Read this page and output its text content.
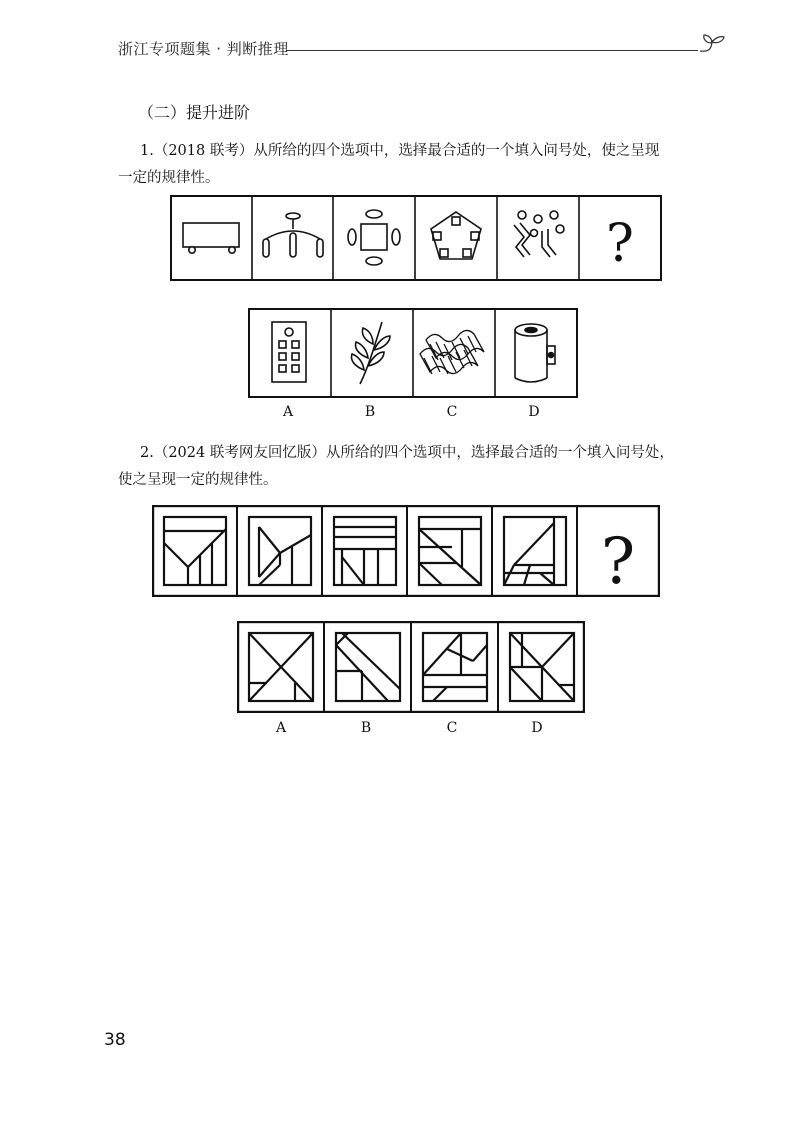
浙江专项题集 · 判断推理
（二）提升进阶
1.（2018 联考）从所给的四个选项中，选择最合适的一个填入问号处，使之呈现
一定的规律性。
?
A	B	C	D
2.（2024 联考网友回忆版）从所给的四个选项中，选择最合适的一个填入问号处，
使之呈现一定的规律性。
?
A	B	C	D
38
